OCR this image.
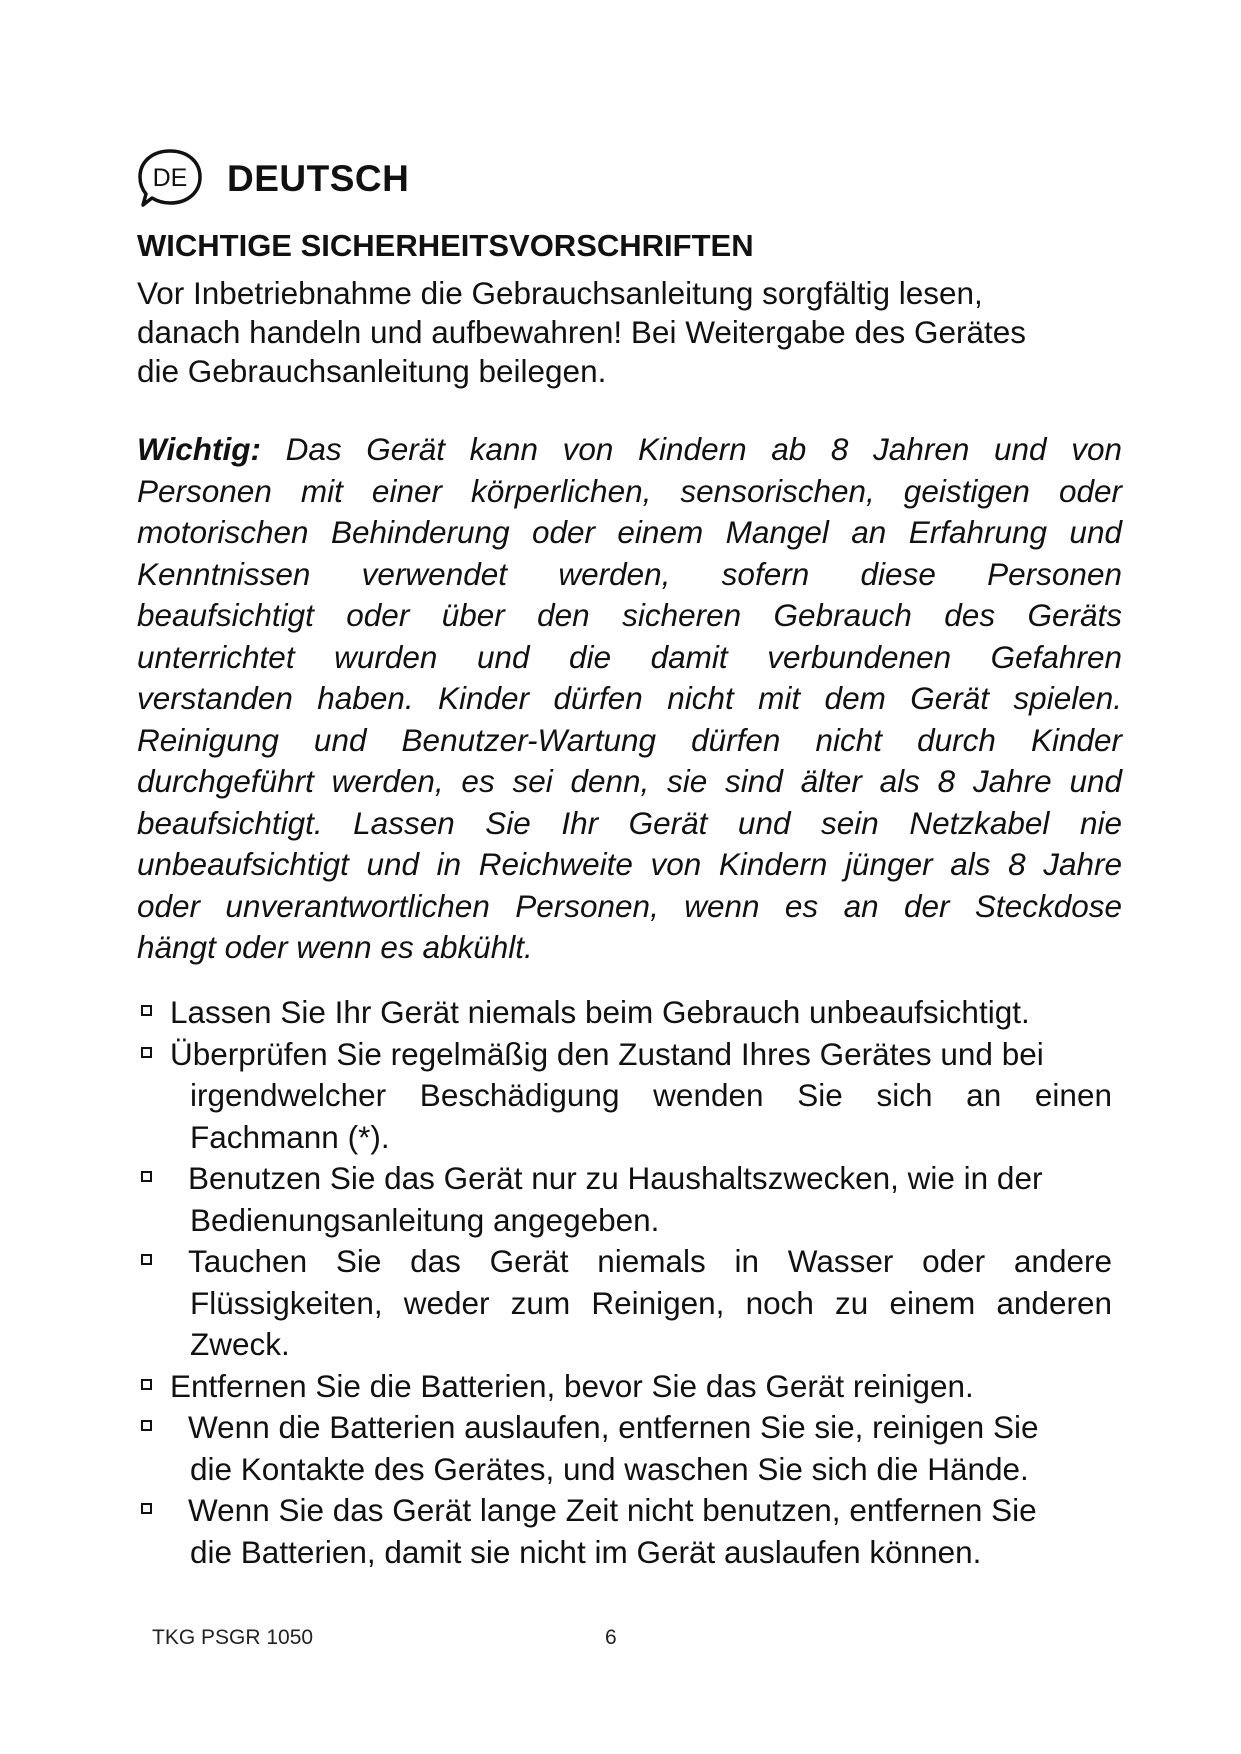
DE DEUTSCH
WICHTIGE SICHERHEITSVORSCHRIFTEN
Vor Inbetriebnahme die Gebrauchsanleitung sorgfältig lesen,
danach handeln und aufbewahren! Bei Weitergabe des Gerätes
die Gebrauchsanleitung beilegen.
Wichtig: Das Gerät kann von Kindern ab 8 Jahren und von
Personen mit einer körperlichen, sensorischen, geistigen oder
motorischen Behinderung oder einem Mangel an Erfahrung und
Kenntnissen verwendet werden, sofern diese Personen
beaufsichtigt oder über den sicheren Gebrauch des Geräts
unterrichtet wurden und die damit verbundenen Gefahren
verstanden haben. Kinder dürfen nicht mit dem Gerät spielen.
Reinigung und Benutzer-Wartung dürfen nicht durch Kinder
durchgeführt werden, es sei denn, sie sind älter als 8 Jahre und
beaufsichtigt. Lassen Sie Ihr Gerät und sein Netzkabel nie
unbeaufsichtigt und in Reichweite von Kindern jünger als 8 Jahre
oder unverantwortlichen Personen, wenn es an der Steckdose
hängt oder wenn es abkühlt.
Lassen Sie Ihr Gerät niemals beim Gebrauch unbeaufsichtigt.
Überprüfen Sie regelmäßig den Zustand Ihres Gerätes und bei
irgendwelcher Beschädigung wenden Sie sich an einen
Fachmann (*).
Benutzen Sie das Gerät nur zu Haushaltszwecken, wie in der
Bedienungsanleitung angegeben.
Tauchen Sie das Gerät niemals in Wasser oder andere
Flüssigkeiten, weder zum Reinigen, noch zu einem anderen
Zweck.
Entfernen Sie die Batterien, bevor Sie das Gerät reinigen.
Wenn die Batterien auslaufen, entfernen Sie sie, reinigen Sie
die Kontakte des Gerätes, und waschen Sie sich die Hände.
Wenn Sie das Gerät lange Zeit nicht benutzen, entfernen Sie
die Batterien, damit sie nicht im Gerät auslaufen können.
TKG PSGR 1050	6
